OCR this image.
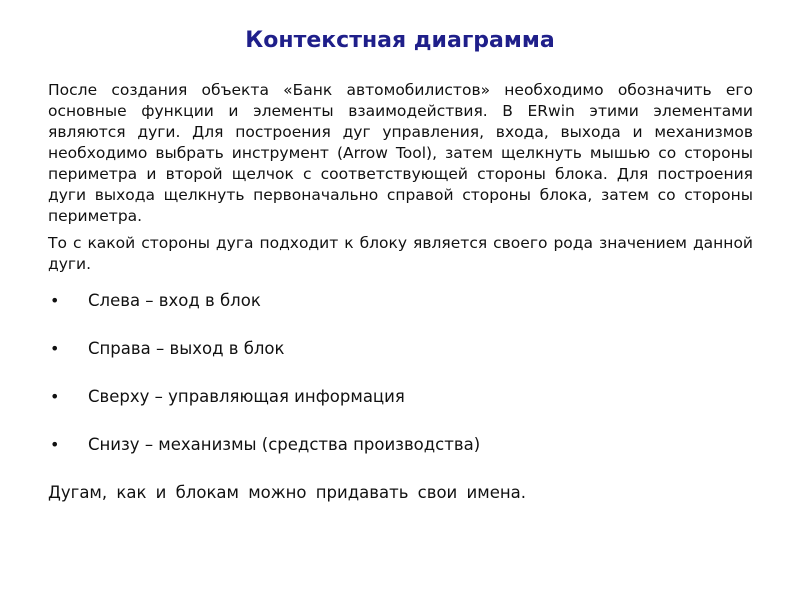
Контекстная диаграмма

После создания объекта «Банк автомобилистов» необходимо обозначить его основные функции и элементы взаимодействия. В ERwin этими элементами являются дуги. Для построения дуг управления, входа, выхода и механизмов необходимо выбрать инструмент (Arrow Tool), затем щелкнуть мышью со стороны периметра и второй щелчок с соответствующей стороны блока. Для построения дуги выхода щелкнуть первоначально справой стороны блока, затем со стороны периметра.

То с какой стороны дуга подходит к блоку является своего рода значением данной дуги.

• Слева – вход в блок
• Справа – выход в блок
• Сверху – управляющая информация
• Снизу – механизмы (средства производства)

Дугам, как и блокам можно придавать свои имена.
